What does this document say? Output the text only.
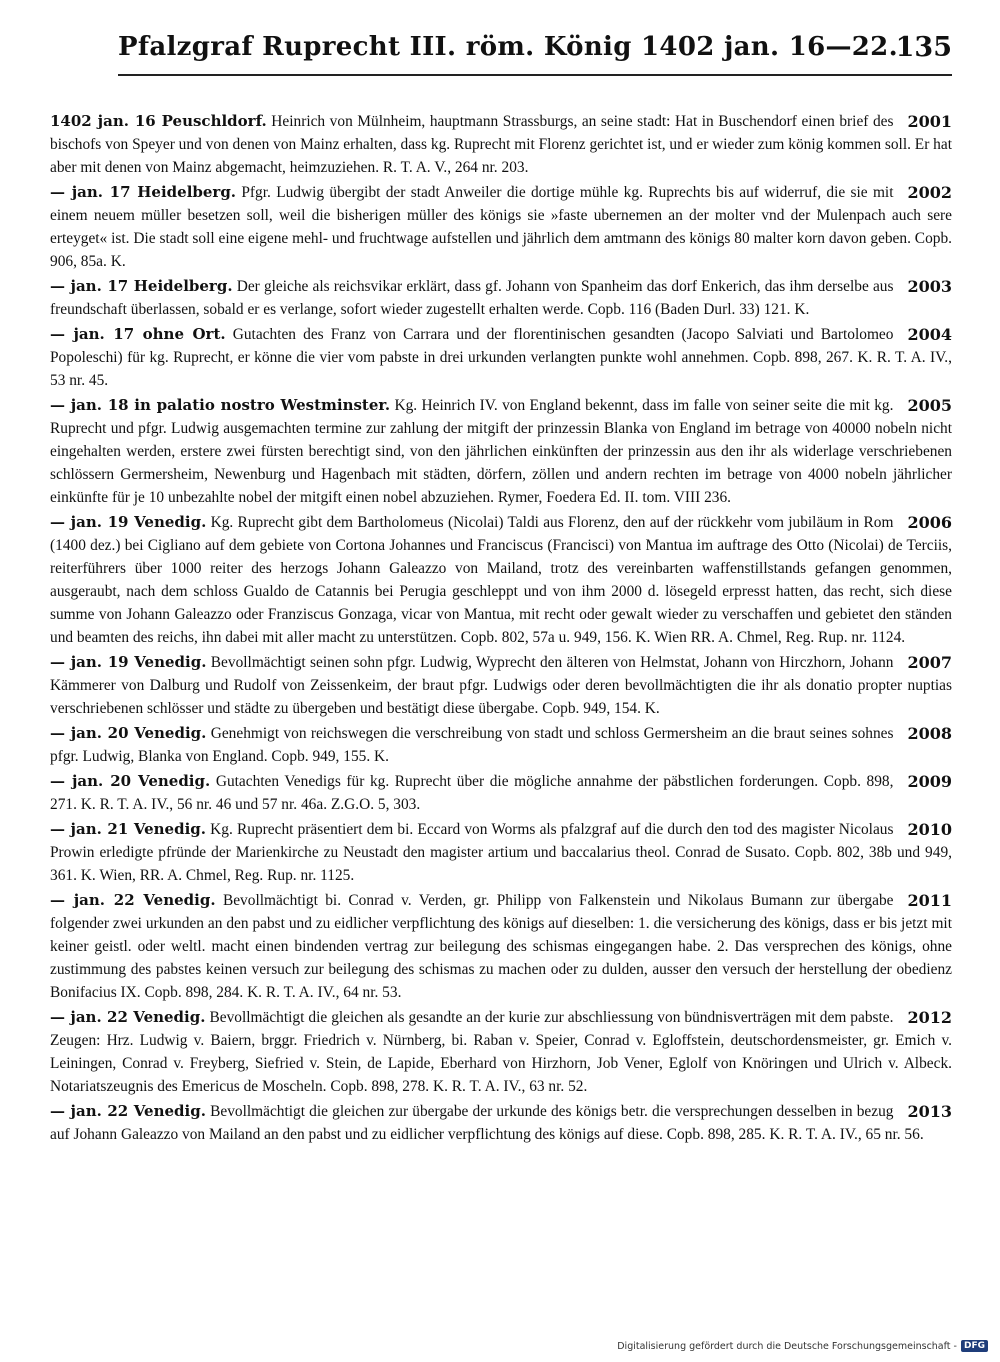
Pfalzgraf Ruprecht III. röm. König 1402 jan. 16—22.
135
2001
1402 jan. 16 Peuschldorf. Heinrich von Mülnheim, hauptmann Strassburgs, an seine stadt: Hat in Buschendorf einen brief des bischofs von Speyer und von denen von Mainz erhalten, dass kg. Ruprecht mit Florenz gerichtet ist, und er wieder zum könig kommen soll. Er hat aber mit denen von Mainz abgemacht, heimzuziehen. R. T. A. V., 264 nr. 203.
2002
— jan. 17 Heidelberg. Pfgr. Ludwig übergibt der stadt Anweiler die dortige mühle kg. Ruprechts bis auf widerruf, die sie mit einem neuem müller besetzen soll, weil die bisherigen müller des königs sie »faste ubernemen an der molter vnd der Mulenpach auch sere erteyget« ist. Die stadt soll eine eigene mehl- und fruchtwage aufstellen und jährlich dem amtmann des königs 80 malter korn davon geben. Copb. 906, 85a. K.
2003
— jan. 17 Heidelberg. Der gleiche als reichsvikar erklärt, dass gf. Johann von Spanheim das dorf Enkerich, das ihm derselbe aus freundschaft überlassen, sobald er es verlange, sofort wieder zugestellt erhalten werde. Copb. 116 (Baden Durl. 33) 121. K.
2004
— jan. 17 ohne Ort. Gutachten des Franz von Carrara und der florentinischen gesandten (Jacopo Salviati und Bartolomeo Popoleschi) für kg. Ruprecht, er könne die vier vom pabste in drei urkunden verlangten punkte wohl annehmen. Copb. 898, 267. K. R. T. A. IV., 53 nr. 45.
2005
— jan. 18 in palatio nostro Westminster. Kg. Heinrich IV. von England bekennt, dass im falle von seiner seite die mit kg. Ruprecht und pfgr. Ludwig ausgemachten termine zur zahlung der mitgift der prinzessin Blanka von England im betrage von 40000 nobeln nicht eingehalten werden, erstere zwei fürsten berechtigt sind, von den jährlichen einkünften der prinzessin aus den ihr als widerlage verschriebenen schlössern Germersheim, Newenburg und Hagenbach mit städten, dörfern, zöllen und andern rechten im betrage von 4000 nobeln jährlicher einkünfte für je 10 unbezahlte nobel der mitgift einen nobel abzuziehen. Rymer, Foedera Ed. II. tom. VIII 236.
2006
— jan. 19 Venedig. Kg. Ruprecht gibt dem Bartholomeus (Nicolai) Taldi aus Florenz, den auf der rückkehr vom jubiläum in Rom (1400 dez.) bei Cigliano auf dem gebiete von Cortona Johannes und Franciscus (Francisci) von Mantua im auftrage des Otto (Nicolai) de Terciis, reiterführers über 1000 reiter des herzogs Johann Galeazzo von Mailand, trotz des vereinbarten waffenstillstands gefangen genommen, ausgeraubt, nach dem schloss Gualdo de Catannis bei Perugia geschleppt und von ihm 2000 d. lösegeld erpresst hatten, das recht, sich diese summe von Johann Galeazzo oder Franziscus Gonzaga, vicar von Mantua, mit recht oder gewalt wieder zu verschaffen und gebietet den ständen und beamten des reichs, ihn dabei mit aller macht zu unterstützen. Copb. 802, 57a u. 949, 156. K. Wien RR. A. Chmel, Reg. Rup. nr. 1124.
2007
— jan. 19 Venedig. Bevollmächtigt seinen sohn pfgr. Ludwig, Wyprecht den älteren von Helmstat, Johann von Hirczhorn, Johann Kämmerer von Dalburg und Rudolf von Zeissenkeim, der braut pfgr. Ludwigs oder deren bevollmächtigten die ihr als donatio propter nuptias verschriebenen schlösser und städte zu übergeben und bestätigt diese übergabe. Copb. 949, 154. K.
2008
— jan. 20 Venedig. Genehmigt von reichswegen die verschreibung von stadt und schloss Germersheim an die braut seines sohnes pfgr. Ludwig, Blanka von England. Copb. 949, 155. K.
2009
— jan. 20 Venedig. Gutachten Venedigs für kg. Ruprecht über die mögliche annahme der päbstlichen forderungen. Copb. 898, 271. K. R. T. A. IV., 56 nr. 46 und 57 nr. 46a. Z.G.O. 5, 303.
2010
— jan. 21 Venedig. Kg. Ruprecht präsentiert dem bi. Eccard von Worms als pfalzgraf auf die durch den tod des magister Nicolaus Prowin erledigte pfründe der Marienkirche zu Neustadt den magister artium und baccalarius theol. Conrad de Susato. Copb. 802, 38b und 949, 361. K. Wien, RR. A. Chmel, Reg. Rup. nr. 1125.
2011
— jan. 22 Venedig. Bevollmächtigt bi. Conrad v. Verden, gr. Philipp von Falkenstein und Nikolaus Bumann zur übergabe folgender zwei urkunden an den pabst und zu eidlicher verpflichtung des königs auf dieselben: 1. die versicherung des königs, dass er bis jetzt mit keiner geistl. oder weltl. macht einen bindenden vertrag zur beilegung des schismas eingegangen habe. 2. Das versprechen des königs, ohne zustimmung des pabstes keinen versuch zur beilegung des schismas zu machen oder zu dulden, ausser den versuch der herstellung der obedienz Bonifacius IX. Copb. 898, 284. K. R. T. A. IV., 64 nr. 53.
2012
— jan. 22 Venedig. Bevollmächtigt die gleichen als gesandte an der kurie zur abschliessung von bündnisverträgen mit dem pabste. Zeugen: Hrz. Ludwig v. Baiern, brggr. Friedrich v. Nürnberg, bi. Raban v. Speier, Conrad v. Egloffstein, deutschordensmeister, gr. Emich v. Leiningen, Conrad v. Freyberg, Siefried v. Stein, de Lapide, Eberhard von Hirzhorn, Job Vener, Eglolf von Knöringen und Ulrich v. Albeck. Notariatszeugnis des Emericus de Moscheln. Copb. 898, 278. K. R. T. A. IV., 63 nr. 52.
2013
— jan. 22 Venedig. Bevollmächtigt die gleichen zur übergabe der urkunde des königs betr. die versprechungen desselben in bezug auf Johann Galeazzo von Mailand an den pabst und zu eidlicher verpflichtung des königs auf diese. Copb. 898, 285. K. R. T. A. IV., 65 nr. 56.
Digitalisierung gefördert durch die Deutsche Forschungsgemeinschaft - DFG
